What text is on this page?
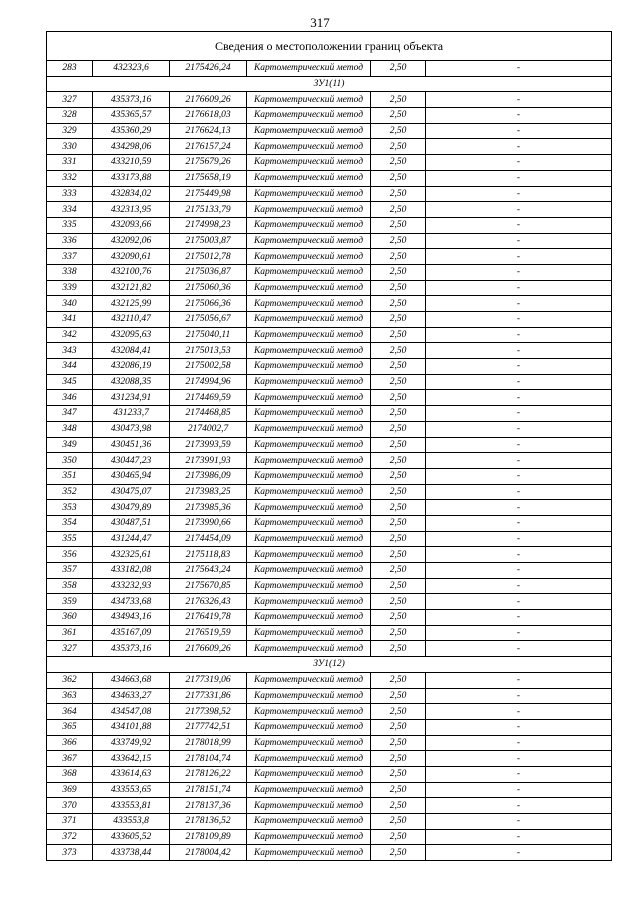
317
Сведения о местоположении границ объекта					
283	432323,6	2175426,24	Картометрический метод	2,50	-
ЗУ1(11)					
327	435373,16	2176609,26	Картометрический метод	2,50	-
328	435365,57	2176618,03	Картометрический метод	2,50	-
329	435360,29	2176624,13	Картометрический метод	2,50	-
330	434298,06	2176157,24	Картометрический метод	2,50	-
331	433210,59	2175679,26	Картометрический метод	2,50	-
332	433173,88	2175658,19	Картометрический метод	2,50	-
333	432834,02	2175449,98	Картометрический метод	2,50	-
334	432313,95	2175133,79	Картометрический метод	2,50	-
335	432093,66	2174998,23	Картометрический метод	2,50	-
336	432092,06	2175003,87	Картометрический метод	2,50	-
337	432090,61	2175012,78	Картометрический метод	2,50	-
338	432100,76	2175036,87	Картометрический метод	2,50	-
339	432121,82	2175060,36	Картометрический метод	2,50	-
340	432125,99	2175066,36	Картометрический метод	2,50	-
341	432110,47	2175056,67	Картометрический метод	2,50	-
342	432095,63	2175040,11	Картометрический метод	2,50	-
343	432084,41	2175013,53	Картометрический метод	2,50	-
344	432086,19	2175002,58	Картометрический метод	2,50	-
345	432088,35	2174994,96	Картометрический метод	2,50	-
346	431234,91	2174469,59	Картометрический метод	2,50	-
347	431233,7	2174468,85	Картометрический метод	2,50	-
348	430473,98	2174002,7	Картометрический метод	2,50	-
349	430451,36	2173993,59	Картометрический метод	2,50	-
350	430447,23	2173991,93	Картометрический метод	2,50	-
351	430465,94	2173986,09	Картометрический метод	2,50	-
352	430475,07	2173983,25	Картометрический метод	2,50	-
353	430479,89	2173985,36	Картометрический метод	2,50	-
354	430487,51	2173990,66	Картометрический метод	2,50	-
355	431244,47	2174454,09	Картометрический метод	2,50	-
356	432325,61	2175118,83	Картометрический метод	2,50	-
357	433182,08	2175643,24	Картометрический метод	2,50	-
358	433232,93	2175670,85	Картометрический метод	2,50	-
359	434733,68	2176326,43	Картометрический метод	2,50	-
360	434943,16	2176419,78	Картометрический метод	2,50	-
361	435167,09	2176519,59	Картометрический метод	2,50	-
327	435373,16	2176609,26	Картометрический метод	2,50	-
ЗУ1(12)					
362	434663,68	2177319,06	Картометрический метод	2,50	-
363	434633,27	2177331,86	Картометрический метод	2,50	-
364	434547,08	2177398,52	Картометрический метод	2,50	-
365	434101,88	2177742,51	Картометрический метод	2,50	-
366	433749,92	2178018,99	Картометрический метод	2,50	-
367	433642,15	2178104,74	Картометрический метод	2,50	-
368	433614,63	2178126,22	Картометрический метод	2,50	-
369	433553,65	2178151,74	Картометрический метод	2,50	-
370	433553,81	2178137,36	Картометрический метод	2,50	-
371	433553,8	2178136,52	Картометрический метод	2,50	-
372	433605,52	2178109,89	Картометрический метод	2,50	-
373	433738,44	2178004,42	Картометрический метод	2,50	-
